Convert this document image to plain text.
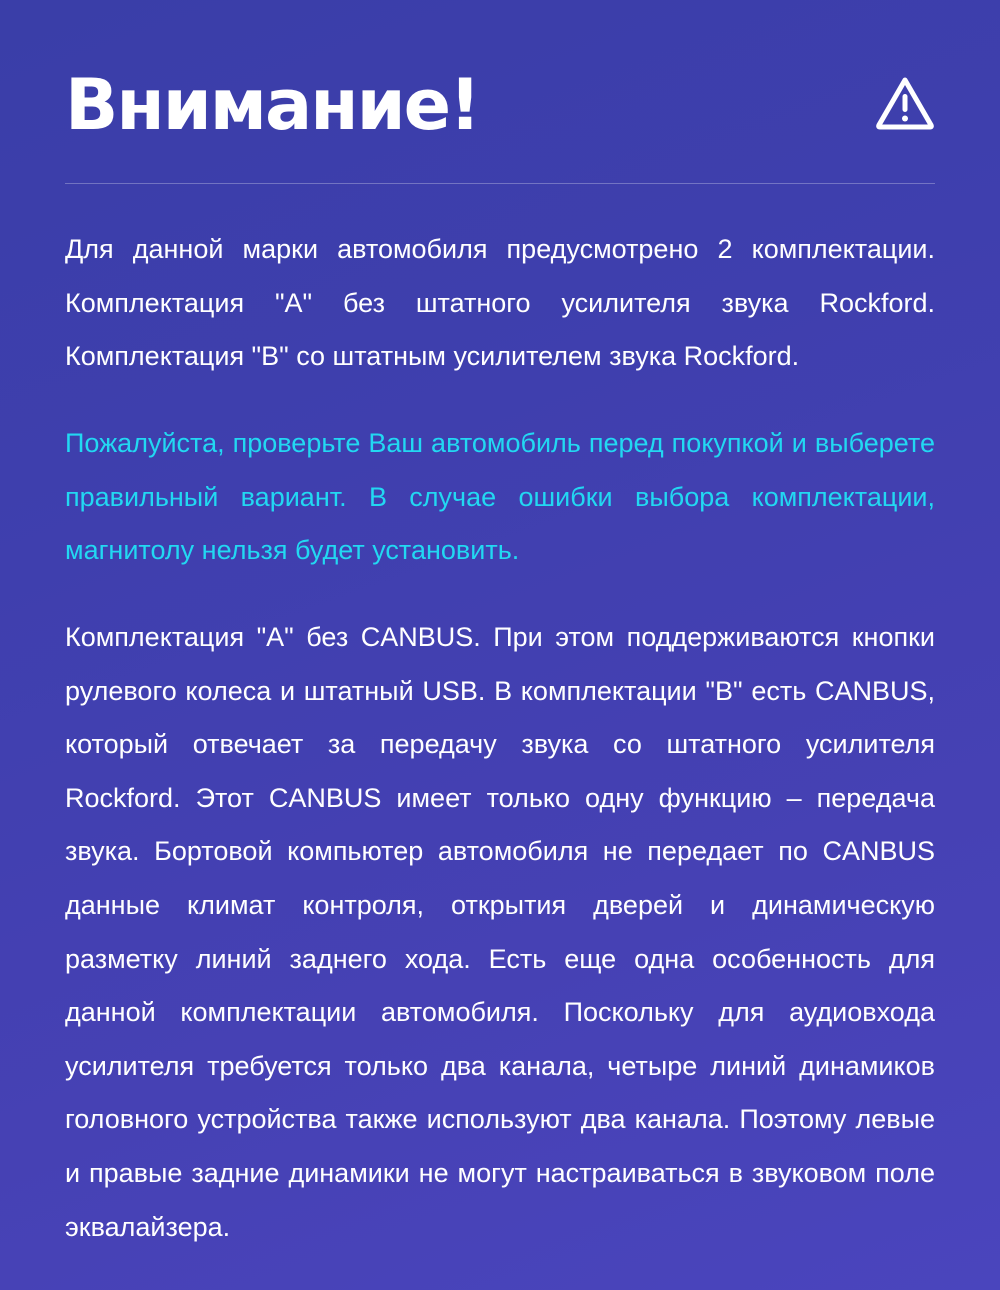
Внимание!

Для данной марки автомобиля предусмотрено 2 комплектации. Комплектация "А" без штатного усилителя звука Rockford. Комплектация "В" со штатным усилителем звука Rockford.

Пожалуйста, проверьте Ваш автомобиль перед покупкой и выберете правильный вариант. В случае ошибки выбора комплектации, магнитолу нельзя будет установить.

Комплектация "А" без CANBUS. При этом поддерживаются кнопки рулевого колеса и штатный USB. В комплектации "В" есть CANBUS, который отвечает за передачу звука со штатного усилителя Rockford. Этот CANBUS имеет только одну функцию – передача звука. Бортовой компьютер автомобиля не передает по CANBUS данные климат контроля, открытия дверей и динамическую разметку линий заднего хода. Есть еще одна особенность для данной комплектации автомобиля. Поскольку для аудиовхода усилителя требуется только два канала, четыре линий динамиков головного устройства также используют два канала. Поэтому левые и правые задние динамики не могут настраиваться в звуковом поле эквалайзера.
